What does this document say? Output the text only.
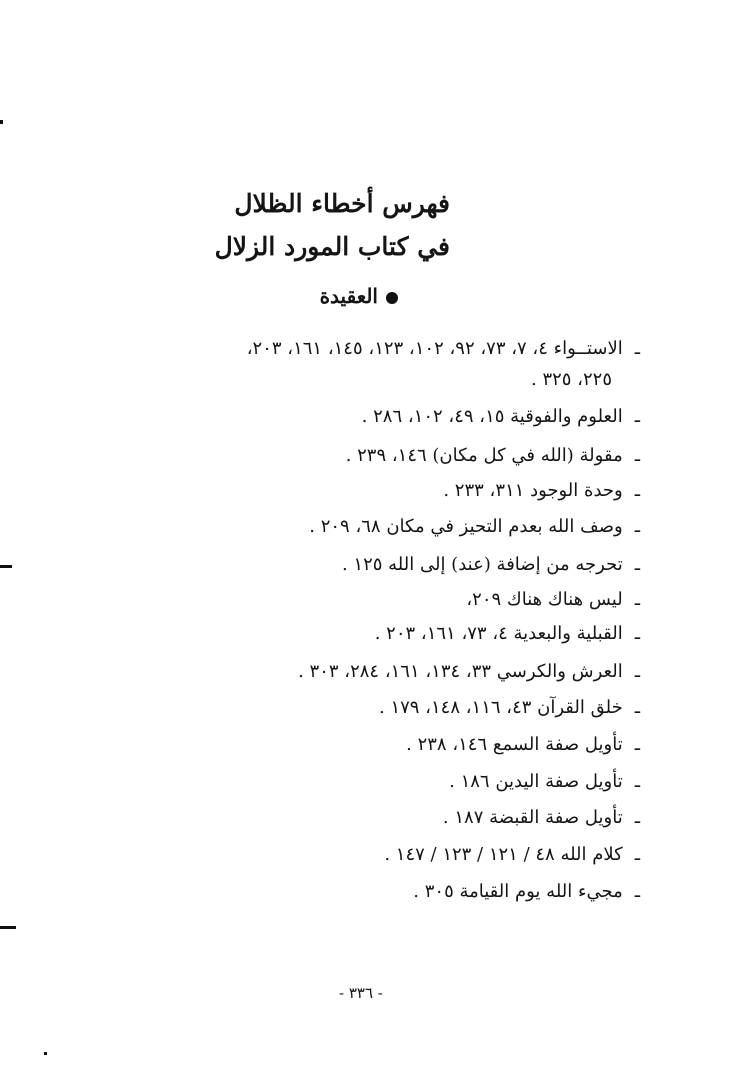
فهرس أخطاء الظلال
في كتاب المورد الزلال
العقيدة
ـالاستــواء ٤، ٧، ٧٣، ٩٢، ١٠٢، ١٢٣، ١٤٥، ١٦١، ٢٠٣،
٢٢٥، ٣٢٥ .
ـالعلوم والفوقية ١٥، ٤٩، ١٠٢، ٢٨٦ .
ـمقولة (الله في كل مكان) ١٤٦، ٢٣٩ .
ـوحدة الوجود ٣١١، ٢٣٣ .
ـوصف الله بعدم التحيز في مكان ٦٨، ٢٠٩ .
ـتحرجه من إضافة (عند) إلى الله ١٢٥ .
ـليس هناك هناك ٢٠٩،
ـالقبلية والبعدية ٤، ٧٣، ١٦١، ٢٠٣ .
ـالعرش والكرسي ٣٣، ١٣٤، ١٦١، ٢٨٤، ٣٠٣ .
ـخلق القرآن ٤٣، ١١٦، ١٤٨، ١٧٩ .
ـتأويل صفة السمع ١٤٦، ٢٣٨ .
ـتأويل صفة اليدين ١٨٦ .
ـتأويل صفة القبضة ١٨٧ .
ـكلام الله ٤٨ / ١٢١ / ١٢٣ / ١٤٧ .
ـمجيء الله يوم القيامة ٣٠٥ .
- ٣٣٦ -
